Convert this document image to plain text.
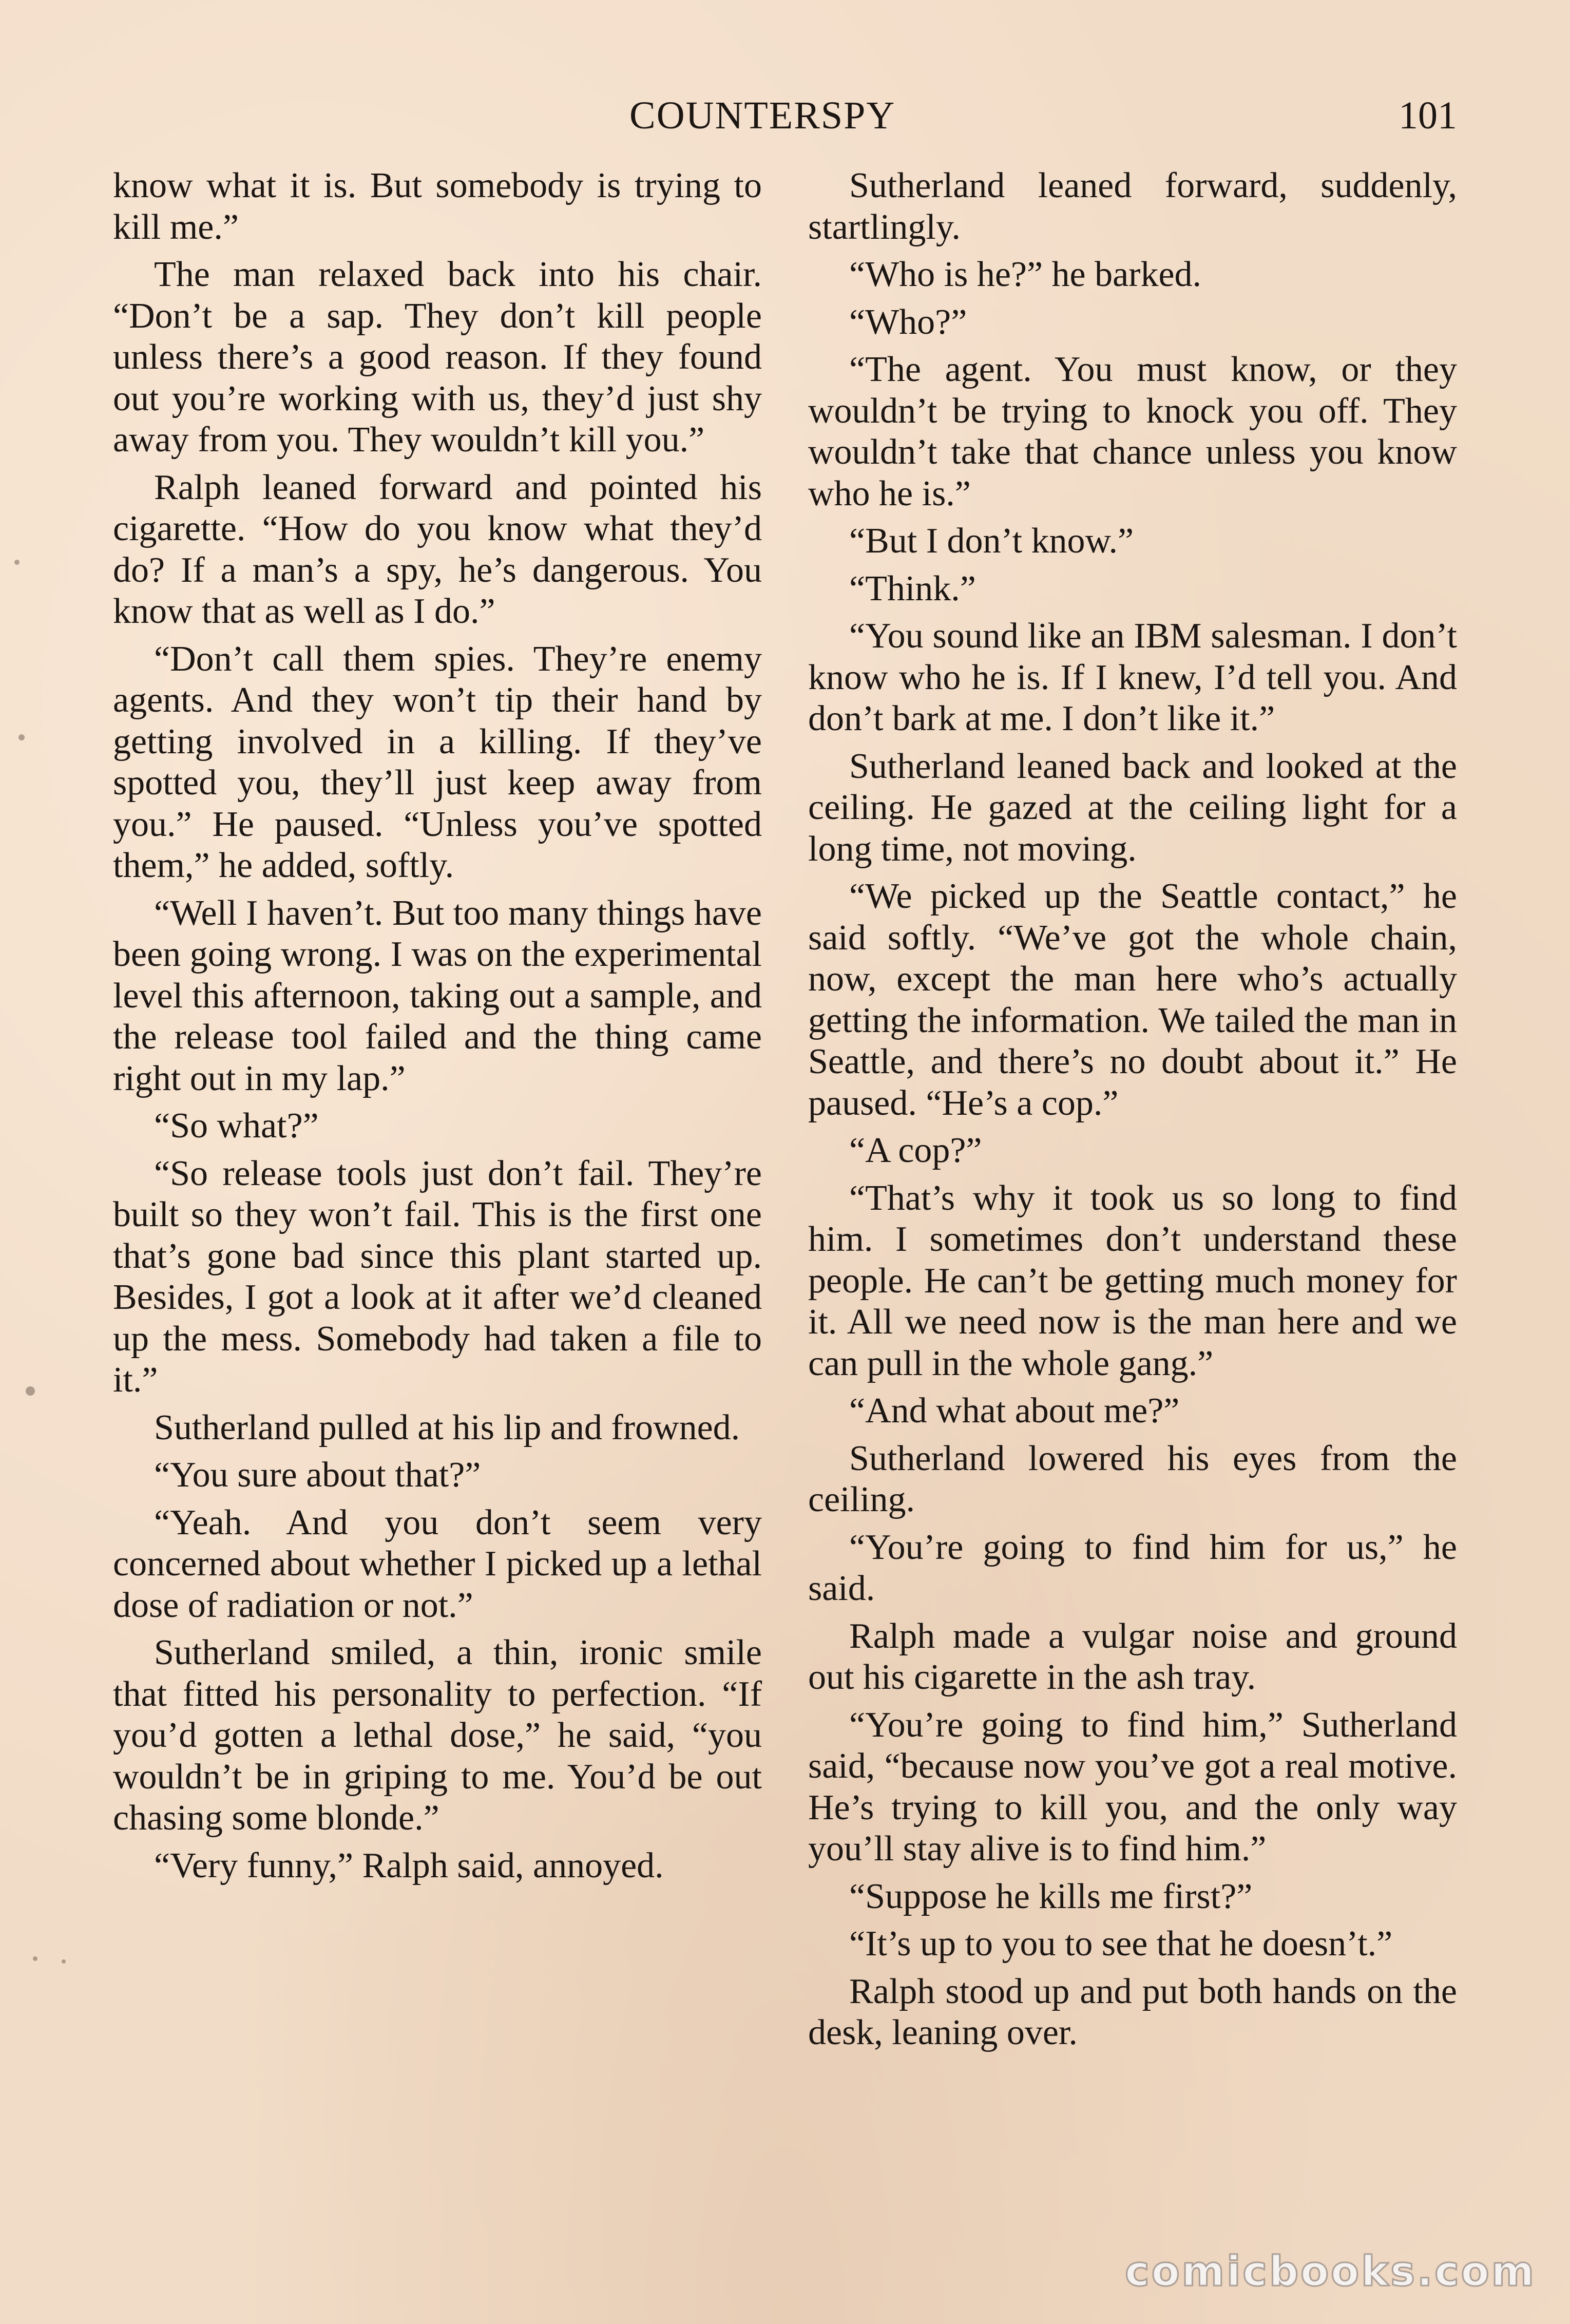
COUNTERSPY	101

know what it is. But somebody is trying to kill me.”

The man relaxed back into his chair. “Don’t be a sap. They don’t kill people unless there’s a good reason. If they found out you’re working with us, they’d just shy away from you. They wouldn’t kill you.”

Ralph leaned forward and pointed his cigarette. “How do you know what they’d do? If a man’s a spy, he’s dangerous. You know that as well as I do.”

“Don’t call them spies. They’re enemy agents. And they won’t tip their hand by getting involved in a killing. If they’ve spotted you, they’ll just keep away from you.” He paused. “Unless you’ve spotted them,” he added, softly.

“Well I haven’t. But too many things have been going wrong. I was on the experimental level this afternoon, taking out a sample, and the release tool failed and the thing came right out in my lap.”

“So what?”

“So release tools just don’t fail. They’re built so they won’t fail. This is the first one that’s gone bad since this plant started up. Besides, I got a look at it after we’d cleaned up the mess. Somebody had taken a file to it.”

Sutherland pulled at his lip and frowned.

“You sure about that?”

“Yeah. And you don’t seem very concerned about whether I picked up a lethal dose of radiation or not.”

Sutherland smiled, a thin, ironic smile that fitted his personality to perfection. “If you’d gotten a lethal dose,” he said, “you wouldn’t be in griping to me. You’d be out chasing some blonde.”

“Very funny,” Ralph said, annoyed.

Sutherland leaned forward, suddenly, startlingly.

“Who is he?” he barked.

“Who?”

“The agent. You must know, or they wouldn’t be trying to knock you off. They wouldn’t take that chance unless you know who he is.”

“But I don’t know.”

“Think.”

“You sound like an IBM salesman. I don’t know who he is. If I knew, I’d tell you. And don’t bark at me. I don’t like it.”

Sutherland leaned back and looked at the ceiling. He gazed at the ceiling light for a long time, not moving.

“We picked up the Seattle contact,” he said softly. “We’ve got the whole chain, now, except the man here who’s actually getting the information. We tailed the man in Seattle, and there’s no doubt about it.” He paused. “He’s a cop.”

“A cop?”

“That’s why it took us so long to find him. I sometimes don’t understand these people. He can’t be getting much money for it. All we need now is the man here and we can pull in the whole gang.”

“And what about me?”

Sutherland lowered his eyes from the ceiling.

“You’re going to find him for us,” he said.

Ralph made a vulgar noise and ground out his cigarette in the ash tray.

“You’re going to find him,” Sutherland said, “because now you’ve got a real motive. He’s trying to kill you, and the only way you’ll stay alive is to find him.”

“Suppose he kills me first?”

“It’s up to you to see that he doesn’t.”

Ralph stood up and put both hands on the desk, leaning over.

comicbooks.com
